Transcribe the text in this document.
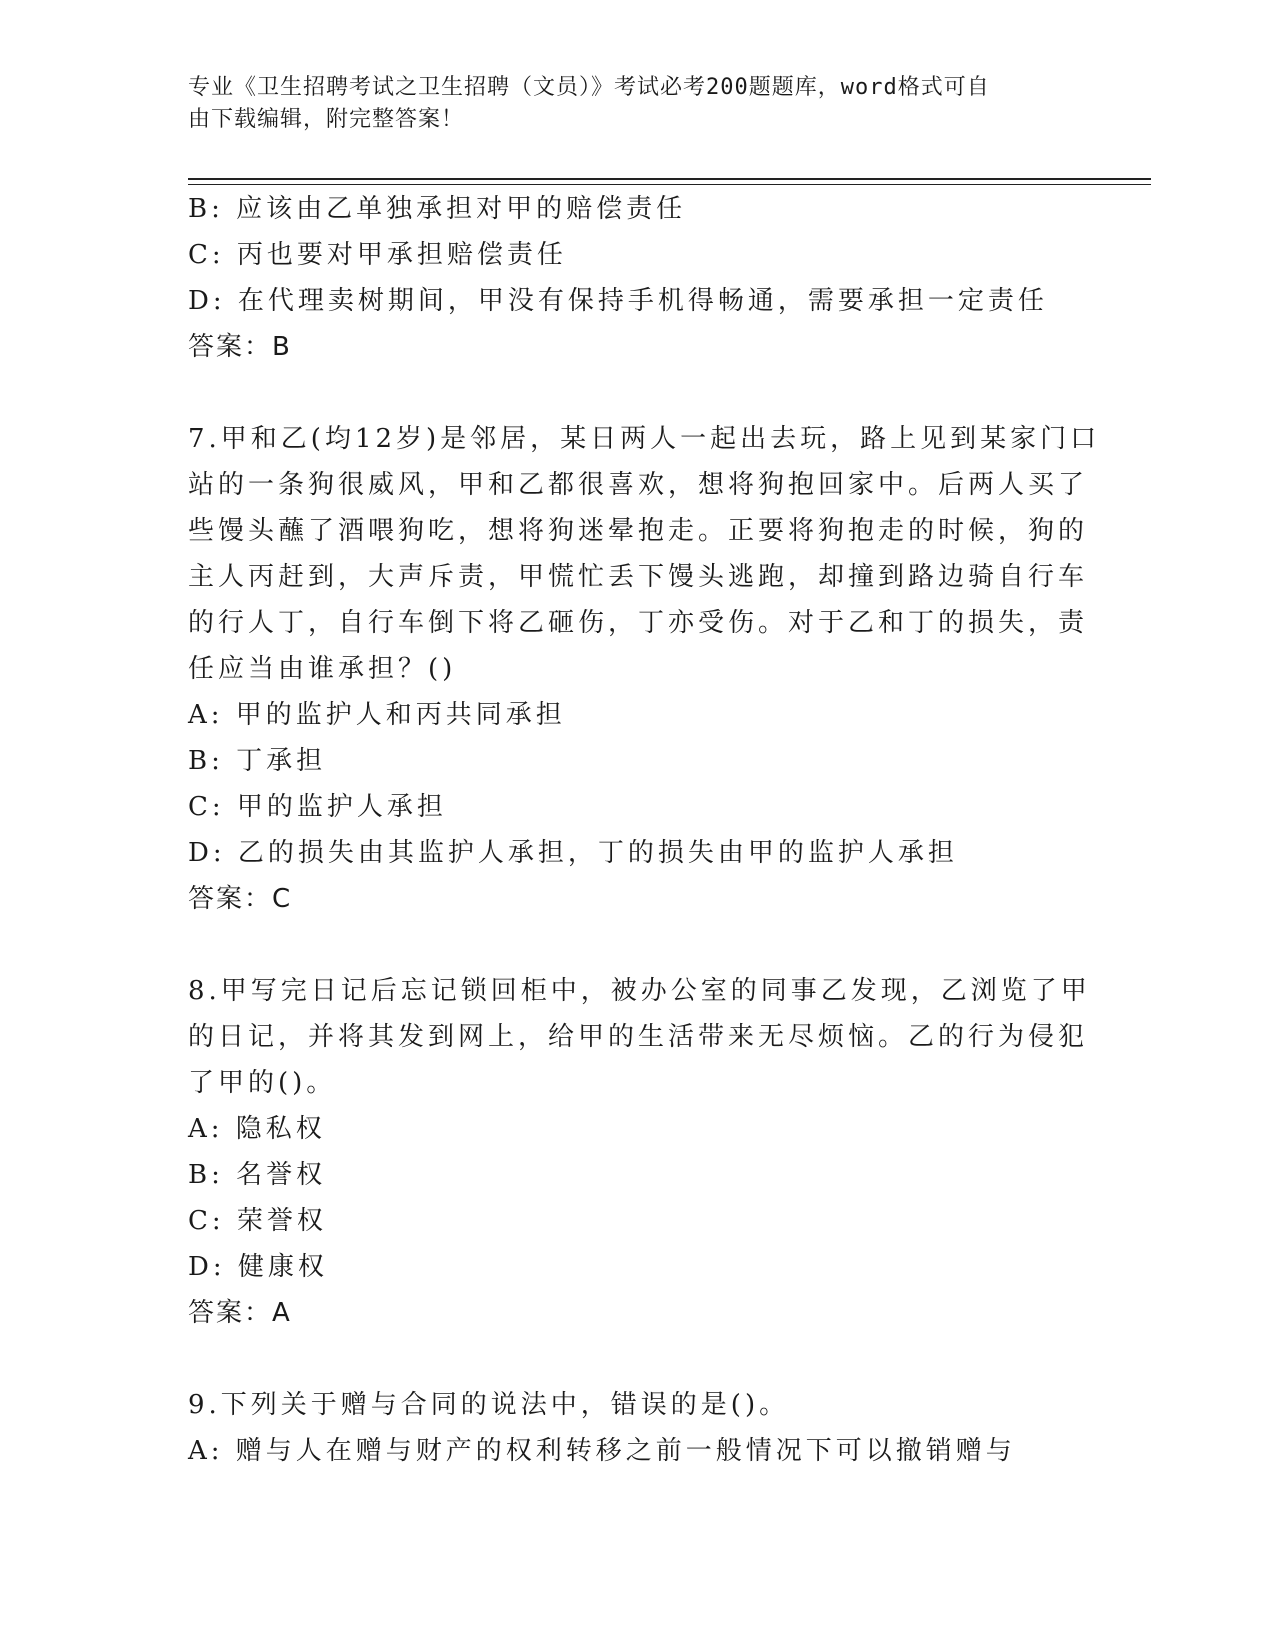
专业《卫生招聘考试之卫生招聘（文员）》考试必考200题题库，word格式可自
由下载编辑，附完整答案！
B: 应该由乙单独承担对甲的赔偿责任
C: 丙也要对甲承担赔偿责任
D: 在代理卖树期间，甲没有保持手机得畅通，需要承担一定责任
答案：B
7.甲和乙(均12岁)是邻居，某日两人一起出去玩，路上见到某家门口
站的一条狗很威风，甲和乙都很喜欢，想将狗抱回家中。后两人买了
些馒头蘸了酒喂狗吃，想将狗迷晕抱走。正要将狗抱走的时候，狗的
主人丙赶到，大声斥责，甲慌忙丢下馒头逃跑，却撞到路边骑自行车
的行人丁，自行车倒下将乙砸伤，丁亦受伤。对于乙和丁的损失，责
任应当由谁承担？()
A: 甲的监护人和丙共同承担
B: 丁承担
C: 甲的监护人承担
D: 乙的损失由其监护人承担，丁的损失由甲的监护人承担
答案：C
8.甲写完日记后忘记锁回柜中，被办公室的同事乙发现，乙浏览了甲
的日记，并将其发到网上，给甲的生活带来无尽烦恼。乙的行为侵犯
了甲的()。
A: 隐私权
B: 名誉权
C: 荣誉权
D: 健康权
答案：A
9.下列关于赠与合同的说法中，错误的是()。
A: 赠与人在赠与财产的权利转移之前一般情况下可以撤销赠与
